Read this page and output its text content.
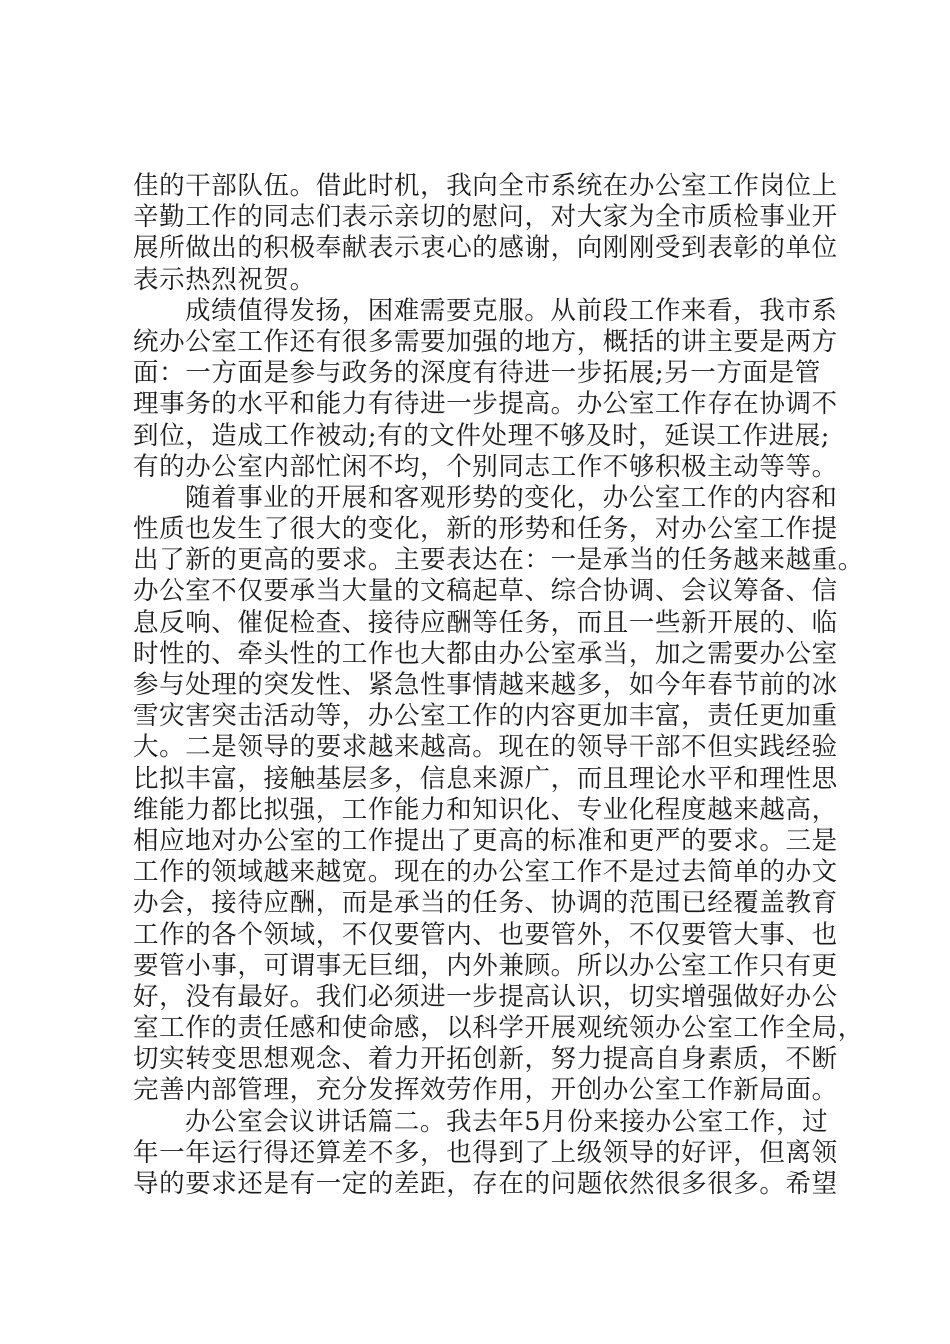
佳的干部队伍。借此时机，我向全市系统在办公室工作岗位上
辛勤工作的同志们表示亲切的慰问，对大家为全市质检事业开
展所做出的积极奉献表示衷心的感谢，向刚刚受到表彰的单位
表示热烈祝贺。
成绩值得发扬，困难需要克服。从前段工作来看，我市系
统办公室工作还有很多需要加强的地方，概括的讲主要是两方
面：一方面是参与政务的深度有待进一步拓展;另一方面是管
理事务的水平和能力有待进一步提高。办公室工作存在协调不
到位，造成工作被动;有的文件处理不够及时，延误工作进展;
有的办公室内部忙闲不均，个别同志工作不够积极主动等等。
随着事业的开展和客观形势的变化，办公室工作的内容和
性质也发生了很大的变化，新的形势和任务，对办公室工作提
出了新的更高的要求。主要表达在：一是承当的任务越来越重。
办公室不仅要承当大量的文稿起草、综合协调、会议筹备、信
息反响、催促检查、接待应酬等任务，而且一些新开展的、临
时性的、牵头性的工作也大都由办公室承当，加之需要办公室
参与处理的突发性、紧急性事情越来越多，如今年春节前的冰
雪灾害突击活动等，办公室工作的内容更加丰富，责任更加重
大。二是领导的要求越来越高。现在的领导干部不但实践经验
比拟丰富，接触基层多，信息来源广，而且理论水平和理性思
维能力都比拟强，工作能力和知识化、专业化程度越来越高，
相应地对办公室的工作提出了更高的标准和更严的要求。三是
工作的领域越来越宽。现在的办公室工作不是过去简单的办文
办会，接待应酬，而是承当的任务、协调的范围已经覆盖教育
工作的各个领域，不仅要管内、也要管外，不仅要管大事、也
要管小事，可谓事无巨细，内外兼顾。所以办公室工作只有更
好，没有最好。我们必须进一步提高认识，切实增强做好办公
室工作的责任感和使命感，以科学开展观统领办公室工作全局，
切实转变思想观念、着力开拓创新，努力提高自身素质，不断
完善内部管理，充分发挥效劳作用，开创办公室工作新局面。
办公室会议讲话篇二。我去年5月份来接办公室工作，过
年一年运行得还算差不多，也得到了上级领导的好评，但离领
导的要求还是有一定的差距，存在的问题依然很多很多。希望
